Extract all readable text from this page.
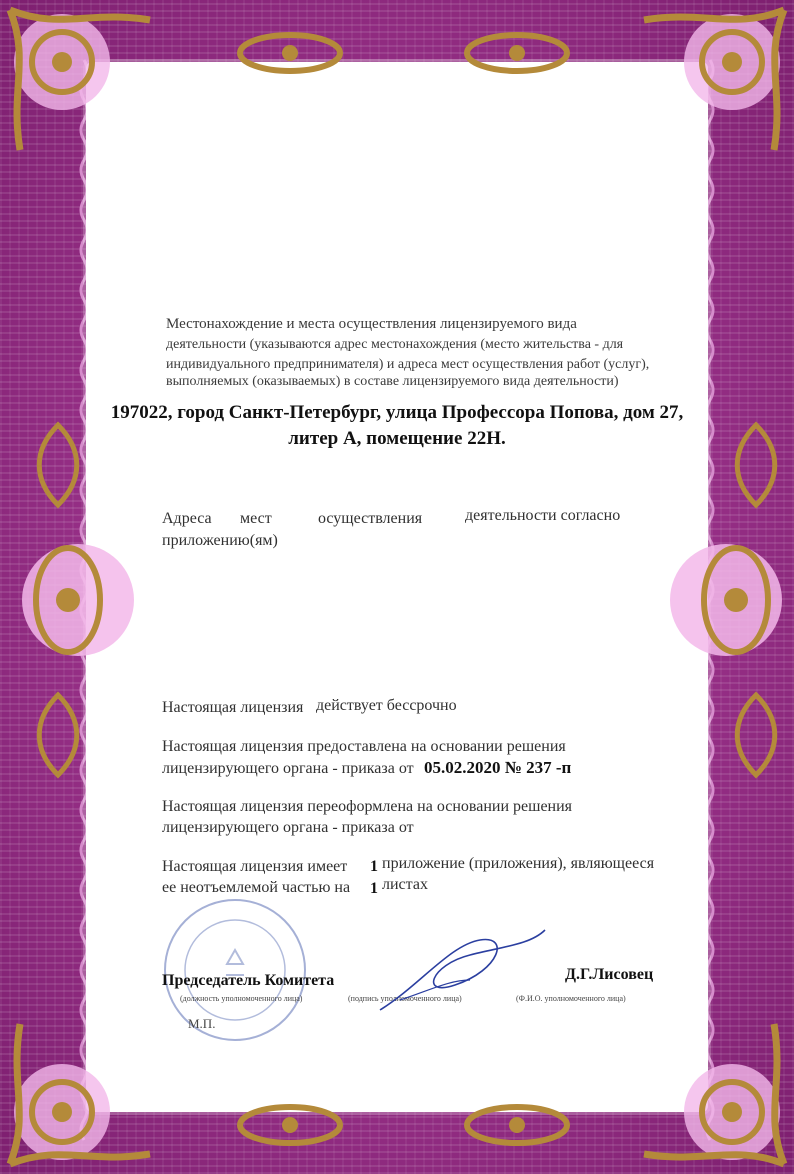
Местонахождение и места осуществления лицензируемого вида
деятельности (указываются адрес местонахождения (место жительства - для
индивидуального предпринимателя) и адреса мест осуществления работ (услуг),
выполняемых (оказываемых) в составе лицензируемого вида деятельности)
197022, город Санкт-Петербург, улица Профессора Попова, дом 27,
литер А, помещение 22Н.
Адреса мест	осуществления	деятельности согласно
приложению(ям)
Настоящая лицензия действует бессрочно
Настоящая лицензия предоставлена на основании решения
лицензирующего органа - приказа от 05.02.2020 № 237 -п
Настоящая лицензия переоформлена на основании решения
лицензирующего органа - приказа от
Настоящая лицензия имеет
ее неотъемлемой частью на
1
1
приложение (приложения), являющееся
листах
Председатель Комитета
(должность уполномоченного лица)	(подпись уполномоченного лица)
Д.Г.Лисовец
(Ф.И.О. уполномоченного лица)
М.П.
